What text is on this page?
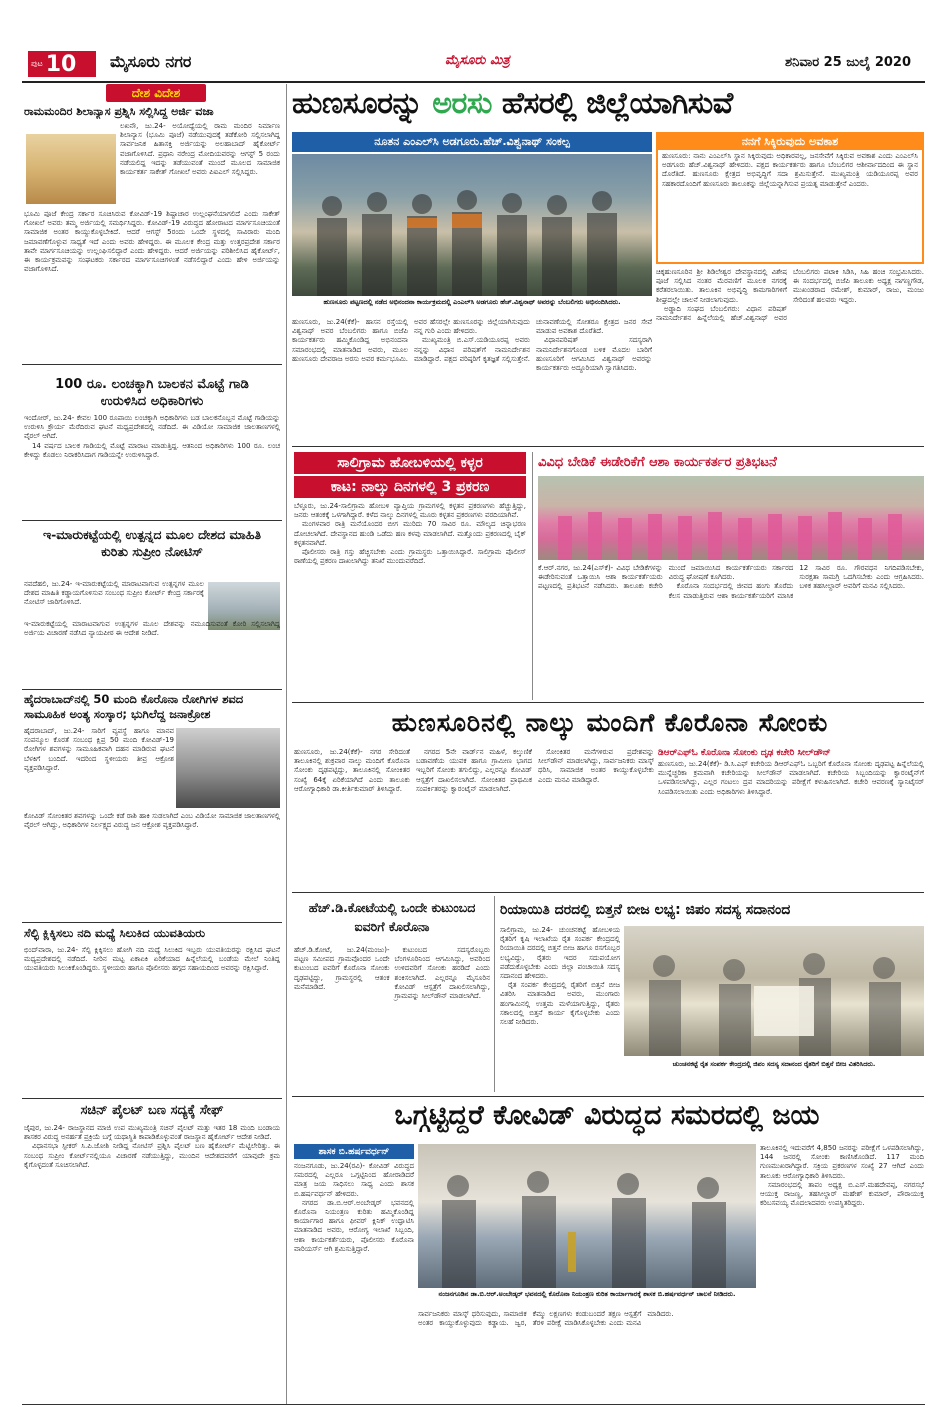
ಪುಟ 10 ಮೈಸೂರು ನಗರ	ಮೈಸೂರು ಮಿತ್ರ	ಶನಿವಾರ 25 ಜುಲೈ 2020
ದೇಶ ವಿದೇಶ
ರಾಮಮಂದಿರ ಶಿಲಾನ್ಯಾಸ ಪ್ರಶ್ನಿಸಿ ಸಲ್ಲಿಸಿದ್ದ ಅರ್ಜಿ ವಜಾ

ಲಖನೌ, ಜು.24- ಅಯೋಧ್ಯೆಯಲ್ಲಿ ರಾಮ ಮಂದಿರ ನಿರ್ಮಾಣ ಶಿಲಾನ್ಯಾಸ (ಭೂಮಿ ಪೂಜೆ) ನಡೆಯುವುದಕ್ಕೆ ತಡೆಕೋರಿ ಸಲ್ಲಿಸಲಾಗಿದ್ದ ಸಾರ್ವಜನಿಕ ಹಿತಾಸಕ್ತಿ ಅರ್ಜಿಯನ್ನು ಅಲಹಾಬಾದ್ ಹೈಕೋರ್ಟ್ ವಜಾಗೊಳಿಸಿದೆ. ಪ್ರಧಾನಿ ನರೇಂದ್ರ ಮೋದಿಯವರನ್ನು ಆಗಸ್ಟ್ 5 ರಂದು ನಡೆಯಲಿದ್ದ ಇದನ್ನು ತಡೆಯುವಂತೆ ಮುಂದೆ ಮೂಲದ ಸಾಮಾಜಿಕ ಕಾರ್ಯಕರ್ತ ಸಾಕೇತ್ ಗೋಖಲೆ ಅವರು ಪಿಐಎಲ್ ಸಲ್ಲಿಸಿದ್ದರು.

ಭೂಮಿ ಪೂಜೆ ಕೇಂದ್ರ ಸರ್ಕಾರ ಸೂಚಿಸಿರುವ ಕೋವಿಡ್-19 ಶಿಷ್ಟಾಚಾರ ಉಲ್ಲಂಘನೆಯಾಗಲಿದೆ ಎಂದು ಸಾಕೇತ್ ಗೋಖಲೆ ಅವರು ತಮ್ಮ ಅರ್ಜಿಯಲ್ಲಿ ಸಮರ್ಥಿಸಿದ್ದರು. ಕೋವಿಡ್-19 ವಿರುದ್ಧದ ಹೋರಾಟದ ಮಾರ್ಗಸೂಚಿಯಂತೆ ಸಾಮಾಜಿಕ ಅಂತರ ಕಾಯ್ದುಕೊಳ್ಳಬೇಕಿದೆ. ಆದರೆ ಆಗಸ್ಟ್ 5ರಂದು ಒಂದೇ ಸ್ಥಳದಲ್ಲಿ ಸಾವಿರಾರು ಮಂದಿ ಜಮಾವಣೆಗೊಳ್ಳುವ ಸಾಧ್ಯತೆ ಇದೆ ಎಂದು ಅವರು ಹೇಳಿದ್ದರು. ಈ ಮೂಲಕ ಕೇಂದ್ರ ಮತ್ತು ಉತ್ತರಪ್ರದೇಶ ಸರ್ಕಾರ ತಾವೇ ಮಾರ್ಗಸೂಚಿಯನ್ನು ಉಲ್ಲಂಘಿಸಲಿದ್ದಾರೆ ಎಂದು ಹೇಳಿದ್ದರು. ಆದರೆ ಅರ್ಜಿಯನ್ನು ಪರಿಶೀಲಿಸಿದ ಹೈಕೋರ್ಟ್, ಈ ಕಾರ್ಯಕ್ರಮವನ್ನು ಸಂಘಟಕರು ಸರ್ಕಾರದ ಮಾರ್ಗಸೂಚಿಗಳಂತೆ ನಡೆಸಲಿದ್ದಾರೆ ಎಂದು ಹೇಳಿ ಅರ್ಜಿಯನ್ನು ವಜಾಗೊಳಿಸಿದೆ.

100 ರೂ. ಲಂಚಕ್ಕಾಗಿ ಬಾಲಕನ ಮೊಟ್ಟೆ ಗಾಡಿ ಉರುಳಿಸಿದ ಅಧಿಕಾರಿಗಳು

ಇಂದೋರ್, ಜು.24- ಕೇವಲ 100 ರೂಪಾಯಿ ಲಂಚಕ್ಕಾಗಿ ಅಧಿಕಾರಿಗಳು ಬಡ ಬಾಲಕನೊಬ್ಬನ ಮೊಟ್ಟೆ ಗಾಡಿಯನ್ನು ಉರುಳಿಸಿ ಕ್ರೌರ್ಯ ಮೆರೆದಿರುವ ಘಟನೆ ಮಧ್ಯಪ್ರದೇಶದಲ್ಲಿ ನಡೆದಿದೆ. ಈ ವಿಡಿಯೋ ಸಾಮಾಜಿಕ ಜಾಲತಾಣಗಳಲ್ಲಿ ವೈರಲ್ ಆಗಿದೆ.

14 ವರ್ಷದ ಬಾಲಕ ಗಾಡಿಯಲ್ಲಿ ಮೊಟ್ಟೆ ಮಾರಾಟ ಮಾಡುತ್ತಿದ್ದ. ಆತನಿಂದ ಅಧಿಕಾರಿಗಳು 100 ರೂ. ಲಂಚ ಕೇಳಿದ್ದು ಕೊಡಲು ನಿರಾಕರಿಸಿದಾಗ ಗಾಡಿಯನ್ನೇ ಉರುಳಿಸಿದ್ದಾರೆ.

ಇ-ಮಾರುಕಟ್ಟೆಯಲ್ಲಿ ಉತ್ಪನ್ನದ ಮೂಲ ದೇಶದ ಮಾಹಿತಿ ಕುರಿತು ಸುಪ್ರೀಂ ನೋಟಿಸ್

ನವದೆಹಲಿ, ಜು.24- ಇ-ಮಾರುಕಟ್ಟೆಯಲ್ಲಿ ಮಾರಾಟವಾಗುವ ಉತ್ಪನ್ನಗಳ ಮೂಲ ದೇಶದ ಮಾಹಿತಿ ಕಡ್ಡಾಯಗೊಳಿಸುವ ಸಂಬಂಧ ಸುಪ್ರೀಂ ಕೋರ್ಟ್ ಕೇಂದ್ರ ಸರ್ಕಾರಕ್ಕೆ ನೋಟಿಸ್ ಜಾರಿಗೊಳಿಸಿದೆ.

ಇ-ಮಾರುಕಟ್ಟೆಯಲ್ಲಿ ಮಾರಾಟವಾಗುವ ಉತ್ಪನ್ನಗಳ ಮೂಲ ದೇಶವನ್ನು ನಮೂದಿಸುವಂತೆ ಕೋರಿ ಸಲ್ಲಿಸಲಾಗಿದ್ದ ಅರ್ಜಿಯ ವಿಚಾರಣೆ ನಡೆಸಿದ ನ್ಯಾಯಪೀಠ ಈ ಆದೇಶ ನೀಡಿದೆ.

ಹೈದರಾಬಾದ್‌ನಲ್ಲಿ 50 ಮಂದಿ ಕೊರೊನಾ ರೋಗಿಗಳ ಶವದ ಸಾಮೂಹಿಕ ಅಂತ್ಯ ಸಂಸ್ಕಾರ; ಭುಗಿಲೆದ್ದ ಜನಾಕ್ರೋಶ

ಹೈದರಾಬಾದ್, ಜು.24- ಸಾರಿಗೆ ವ್ಯವಸ್ಥೆ ಹಾಗೂ ಮಾನವ ಸಂಪನ್ಮೂಲ ಕೊರತೆ ಸಂಬಂಧ ಕ್ಷಿಪ್ರ 50 ಮಂದಿ ಕೋವಿಡ್-19 ರೋಗಿಗಳ ಶವಗಳನ್ನು ಸಾಮೂಹಿಕವಾಗಿ ದಹನ ಮಾಡಿರುವ ಘಟನೆ ಬೆಳಕಿಗೆ ಬಂದಿದೆ. ಇದರಿಂದ ಸ್ಥಳೀಯರು ತೀವ್ರ ಆಕ್ರೋಶ ವ್ಯಕ್ತಪಡಿಸಿದ್ದಾರೆ.

ಕೋವಿಡ್ ಸೋಂಕಿತರ ಶವಗಳನ್ನು ಒಂದೇ ಕಡೆ ರಾಶಿ ಹಾಕಿ ಸುಡಲಾಗಿದೆ ಎಂಬ ವಿಡಿಯೋ ಸಾಮಾಜಿಕ ಜಾಲತಾಣಗಳಲ್ಲಿ ವೈರಲ್ ಆಗಿದ್ದು, ಅಧಿಕಾರಿಗಳ ನಿರ್ಲಕ್ಷ್ಯದ ವಿರುದ್ಧ ಜನ ಆಕ್ರೋಶ ವ್ಯಕ್ತಪಡಿಸಿದ್ದಾರೆ.

ಸೆಲ್ಫಿ ಕ್ಲಿಕ್ಕಿಸಲು ನದಿ ಮಧ್ಯೆ ಸಿಲುಕಿದ ಯುವತಿಯರು

ಛಿಂದ್‌ವಾರಾ, ಜು.24- ಸೆಲ್ಫಿ ಕ್ಲಿಕ್ಕಿಸಲು ಹೋಗಿ ನದಿ ಮಧ್ಯೆ ಸಿಲುಕಿದ ಇಬ್ಬರು ಯುವತಿಯರನ್ನು ರಕ್ಷಿಸಿದ ಘಟನೆ ಮಧ್ಯಪ್ರದೇಶದಲ್ಲಿ ನಡೆದಿದೆ. ನೀರಿನ ಮಟ್ಟ ಏಕಾಏಕಿ ಏರಿಕೆಯಾದ ಹಿನ್ನೆಲೆಯಲ್ಲಿ ಬಂಡೆಯ ಮೇಲೆ ನಿಂತಿದ್ದ ಯುವತಿಯರು ಸಿಲುಕಿಕೊಂಡಿದ್ದರು. ಸ್ಥಳೀಯರು ಹಾಗೂ ಪೊಲೀಸರು ಹಗ್ಗದ ಸಹಾಯದಿಂದ ಅವರನ್ನು ರಕ್ಷಿಸಿದ್ದಾರೆ.

ಸಚಿನ್ ಪೈಲಟ್ ಬಣ ಸದ್ಯಕ್ಕೆ ಸೇಫ್

ಜೈಪುರ, ಜು.24- ರಾಜಸ್ಥಾನದ ಮಾಜಿ ಉಪ ಮುಖ್ಯಮಂತ್ರಿ ಸಚಿನ್ ಪೈಲಟ್ ಮತ್ತು ಇತರ 18 ಮಂದಿ ಬಂಡಾಯ ಶಾಸಕರ ವಿರುದ್ಧ ಅನರ್ಹತೆ ಪ್ರಕ್ರಿಯೆ ಬಗ್ಗೆ ಯಥಾಸ್ಥಿತಿ ಕಾಪಾಡಿಕೊಳ್ಳುವಂತೆ ರಾಜಸ್ಥಾನ ಹೈಕೋರ್ಟ್ ಆದೇಶ ನೀಡಿದೆ.

ವಿಧಾನಸಭಾ ಸ್ಪೀಕರ್ ಸಿ.ಪಿ.ಜೋಶಿ ನೀಡಿದ್ದ ನೋಟಿಸ್ ಪ್ರಶ್ನಿಸಿ ಪೈಲಟ್ ಬಣ ಹೈಕೋರ್ಟ್ ಮೆಟ್ಟಿಲೇರಿತ್ತು. ಈ ಸಂಬಂಧ ಸುಪ್ರೀಂ ಕೋರ್ಟ್‌ನಲ್ಲಿಯೂ ವಿಚಾರಣೆ ನಡೆಯುತ್ತಿದ್ದು, ಮುಂದಿನ ಆದೇಶದವರೆಗೆ ಯಾವುದೇ ಕ್ರಮ ಕೈಗೊಳ್ಳದಂತೆ ಸೂಚಿಸಲಾಗಿದೆ.

ಹುಣಸೂರನ್ನು ಅರಸು ಹೆಸರಲ್ಲಿ ಜಿಲ್ಲೆಯಾಗಿಸುವೆ
ನೂತನ ಎಂಎಲ್‌ಸಿ ಅಡಗೂರು.ಹೆಚ್.ವಿಶ್ವನಾಥ್ ಸಂಕಲ್ಪ
ಹುಣಸೂರು ಪಟ್ಟಣದಲ್ಲಿ ನಡೆದ ಅಭಿನಂದನಾ ಕಾರ್ಯಕ್ರಮದಲ್ಲಿ ಎಂಎಲ್‌ಸಿ ಅಡಗೂರು ಹೆಚ್.ವಿಶ್ವನಾಥ್ ಅವರನ್ನು ಬೆಂಬಲಿಗರು ಅಭಿನಂದಿಸಿದರು.
ನನಗೆ ಸಿಕ್ಕಿರುವುದು ಅವಕಾಶ
ಹುಣಸೂರು: ನಾನು ಎಂಎಲ್‌ಸಿ ಸ್ಥಾನ ಸಿಕ್ಕಿರುವುದು ಅಧಿಕಾರವಲ್ಲ, ಜನಸೇವೆಗೆ ಸಿಕ್ಕಿರುವ ಅವಕಾಶ ಎಂದು ಎಂಎಲ್‌ಸಿ ಅಡಗೂರು ಹೆಚ್.ವಿಶ್ವನಾಥ್ ಹೇಳಿದರು. ಪಕ್ಷದ ಕಾರ್ಯಕರ್ತರು ಹಾಗೂ ಬೆಂಬಲಿಗರ ಆಶೀರ್ವಾದದಿಂದ ಈ ಸ್ಥಾನ ದೊರೆತಿದೆ. ಹುಣಸೂರು ಕ್ಷೇತ್ರದ ಅಭಿವೃದ್ಧಿಗೆ ಸದಾ ಶ್ರಮಿಸುತ್ತೇನೆ. ಮುಖ್ಯಮಂತ್ರಿ ಯಡಿಯೂರಪ್ಪ ಅವರ ಸಹಕಾರದೊಂದಿಗೆ ಹುಣಸೂರು ತಾಲೂಕನ್ನು ಜಿಲ್ಲೆಯನ್ನಾಗಿಸುವ ಪ್ರಯತ್ನ ಮಾಡುತ್ತೇನೆ ಎಂದರು.

ಹುಣಸೂರು, ಜು.24(ಕೆಕೆ)- ಹಾಸನ ರಸ್ತೆಯಲ್ಲಿ ವಿಶ್ವನಾಥ್ ಅವರ ಬೆಂಬಲಿಗರು ಹಾಗೂ ಬಿಜೆಪಿ ಕಾರ್ಯಕರ್ತರು ಹಮ್ಮಿಕೊಂಡಿದ್ದ ಅಭಿನಂದನಾ ಸಮಾರಂಭದಲ್ಲಿ ಮಾತನಾಡಿದ ಅವರು, ಮೂಲ ಹುಣಸೂರು ದೇವರಾಜ ಅರಸು ಅವರ ಕರ್ಮಭೂಮಿ. ಅವರ ಹೆಸರಲ್ಲೇ ಹುಣಸೂರನ್ನು ಜಿಲ್ಲೆಯಾಗಿಸುವುದು ನನ್ನ ಗುರಿ ಎಂದು ಹೇಳಿದರು.

ಮುಖ್ಯಮಂತ್ರಿ ಬಿ.ಎಸ್.ಯಡಿಯೂರಪ್ಪ ಅವರು ನನ್ನನ್ನು ವಿಧಾನ ಪರಿಷತ್‌ಗೆ ನಾಮನಿರ್ದೇಶನ ಮಾಡಿದ್ದಾರೆ. ಪಕ್ಷದ ವರಿಷ್ಠರಿಗೆ ಕೃತಜ್ಞತೆ ಸಲ್ಲಿಸುತ್ತೇನೆ. ಚುನಾವಣೆಯಲ್ಲಿ ಸೋತರೂ ಕ್ಷೇತ್ರದ ಜನರ ಸೇವೆ ಮಾಡುವ ಅವಕಾಶ ದೊರೆತಿದೆ.

ವಿಧಾನಪರಿಷತ್ ಸದಸ್ಯರಾಗಿ ನಾಮನಿರ್ದೇಶನಗೊಂಡ ಬಳಿಕ ಮೊದಲ ಬಾರಿಗೆ ಹುಣಸೂರಿಗೆ ಆಗಮಿಸಿದ ವಿಶ್ವನಾಥ್ ಅವರನ್ನು ಕಾರ್ಯಕರ್ತರು ಅದ್ಧೂರಿಯಾಗಿ ಸ್ವಾಗತಿಸಿದರು.

ಚಿಕ್ಕಹುಣಸೂರಿನ ಶ್ರೀ ಶಿಡಿಲೇಶ್ವರ ದೇವಸ್ಥಾನದಲ್ಲಿ ವಿಶೇಷ ಪೂಜೆ ಸಲ್ಲಿಸಿದ ನಂತರ ಮೆರವಣಿಗೆ ಮೂಲಕ ನಗರಕ್ಕೆ ಕರೆತರಲಾಯಿತು. ತಾಲೂಕಿನ ಅಭಿವೃದ್ಧಿ ಕಾಮಗಾರಿಗಳಿಗೆ ಶೀಘ್ರದಲ್ಲೇ ಚಾಲನೆ ನೀಡಲಾಗುವುದು.

ಅಡ್ಡಾದಿ ಸಂಘದ ಬೆಂಬಲಿಗರು: ವಿಧಾನ ಪರಿಷತ್ ನಾಮನಿರ್ದೇಶನ ಹಿನ್ನೆಲೆಯಲ್ಲಿ ಹೆಚ್.ವಿಶ್ವನಾಥ್ ಅವರ ಬೆಂಬಲಿಗರು ಪಟಾಕಿ ಸಿಡಿಸಿ, ಸಿಹಿ ಹಂಚಿ ಸಂಭ್ರಮಿಸಿದರು. ಈ ಸಂದರ್ಭದಲ್ಲಿ ಬಿಜೆಪಿ ತಾಲೂಕು ಅಧ್ಯಕ್ಷ ನಾಗಣ್ಣಗೌಡ, ಮುಖಂಡರಾದ ರಮೇಶ್, ಕುಮಾರ್, ರಾಜು, ಮಂಜು ಸೇರಿದಂತೆ ಹಲವರು ಇದ್ದರು.

ಸಾಲಿಗ್ರಾಮ ಹೋಬಳಿಯಲ್ಲಿ ಕಳ್ಳರ
ಕಾಟ: ನಾಲ್ಕು ದಿನಗಳಲ್ಲಿ 3 ಪ್ರಕರಣ

ಬೆಳ್ಳೂರು, ಜು.24-ಸಾಲಿಗ್ರಾಮ ಹೋಬಳಿ ವ್ಯಾಪ್ತಿಯ ಗ್ರಾಮಗಳಲ್ಲಿ ಕಳ್ಳತನ ಪ್ರಕರಣಗಳು ಹೆಚ್ಚುತ್ತಿದ್ದು, ಜನರು ಆತಂಕಕ್ಕೆ ಒಳಗಾಗಿದ್ದಾರೆ. ಕಳೆದ ನಾಲ್ಕು ದಿನಗಳಲ್ಲಿ ಮೂರು ಕಳ್ಳತನ ಪ್ರಕರಣಗಳು ವರದಿಯಾಗಿವೆ.

ಮಂಗಳವಾರ ರಾತ್ರಿ ಮನೆಯೊಂದರ ಬೀಗ ಮುರಿದು 70 ಸಾವಿರ ರೂ. ಮೌಲ್ಯದ ಚಿನ್ನಾಭರಣ ದೋಚಲಾಗಿದೆ. ದೇವಸ್ಥಾನದ ಹುಂಡಿ ಒಡೆದು ಹಣ ಕಳವು ಮಾಡಲಾಗಿದೆ. ಮತ್ತೊಂದು ಪ್ರಕರಣದಲ್ಲಿ ಬೈಕ್ ಕಳ್ಳತನವಾಗಿದೆ.

ಪೊಲೀಸರು ರಾತ್ರಿ ಗಸ್ತು ಹೆಚ್ಚಿಸಬೇಕು ಎಂದು ಗ್ರಾಮಸ್ಥರು ಒತ್ತಾಯಿಸಿದ್ದಾರೆ. ಸಾಲಿಗ್ರಾಮ ಪೊಲೀಸ್ ಠಾಣೆಯಲ್ಲಿ ಪ್ರಕರಣ ದಾಖಲಾಗಿದ್ದು ತನಿಖೆ ಮುಂದುವರೆದಿದೆ.

ವಿವಿಧ ಬೇಡಿಕೆ ಈಡೇರಿಕೆಗೆ ಆಶಾ ಕಾರ್ಯಕರ್ತರ ಪ್ರತಿಭಟನೆ

ಕೆ.ಆರ್.ನಗರ, ಜು.24(ಎಸ್‌ಕೆ)- ವಿವಿಧ ಬೇಡಿಕೆಗಳನ್ನು ಈಡೇರಿಸುವಂತೆ ಒತ್ತಾಯಿಸಿ ಆಶಾ ಕಾರ್ಯಕರ್ತೆಯರು ಪಟ್ಟಣದಲ್ಲಿ ಪ್ರತಿಭಟನೆ ನಡೆಸಿದರು. ತಾಲೂಕು ಕಚೇರಿ ಮುಂದೆ ಜಮಾಯಿಸಿದ ಕಾರ್ಯಕರ್ತೆಯರು ಸರ್ಕಾರದ ವಿರುದ್ಧ ಘೋಷಣೆ ಕೂಗಿದರು.

ಕೊರೊನಾ ಸಂದರ್ಭದಲ್ಲಿ ಜೀವದ ಹಂಗು ತೊರೆದು ಕೆಲಸ ಮಾಡುತ್ತಿರುವ ಆಶಾ ಕಾರ್ಯಕರ್ತೆಯರಿಗೆ ಮಾಸಿಕ 12 ಸಾವಿರ ರೂ. ಗೌರವಧನ ನಿಗದಿಪಡಿಸಬೇಕು, ಸುರಕ್ಷತಾ ಸಾಮಗ್ರಿ ಒದಗಿಸಬೇಕು ಎಂದು ಆಗ್ರಹಿಸಿದರು. ಬಳಿಕ ತಹಸೀಲ್ದಾರ್ ಅವರಿಗೆ ಮನವಿ ಸಲ್ಲಿಸಿದರು.

ಹುಣಸೂರಿನಲ್ಲಿ ನಾಲ್ಕು ಮಂದಿಗೆ ಕೊರೊನಾ ಸೋಂಕು

ಹುಣಸೂರು, ಜು.24(ಕೆಕೆ)- ನಗರ ಸೇರಿದಂತೆ ತಾಲೂಕಿನಲ್ಲಿ ಶುಕ್ರವಾರ ನಾಲ್ಕು ಮಂದಿಗೆ ಕೊರೊನಾ ಸೋಂಕು ದೃಢಪಟ್ಟಿದ್ದು, ತಾಲೂಕಿನಲ್ಲಿ ಸೋಂಕಿತರ ಸಂಖ್ಯೆ 64ಕ್ಕೆ ಏರಿಕೆಯಾಗಿದೆ ಎಂದು ತಾಲೂಕು ಆರೋಗ್ಯಾಧಿಕಾರಿ ಡಾ.ಕೀರ್ತಿಕುಮಾರ್ ತಿಳಿಸಿದ್ದಾರೆ.

ನಗರದ 5ನೇ ವಾರ್ಡ್‌ನ ಮಹಿಳೆ, ಕಲ್ಕುಣಿಕೆ ಬಡಾವಣೆಯ ಯುವಕ ಹಾಗೂ ಗ್ರಾಮೀಣ ಭಾಗದ ಇಬ್ಬರಿಗೆ ಸೋಂಕು ತಗುಲಿದ್ದು, ಎಲ್ಲರನ್ನೂ ಕೋವಿಡ್ ಆಸ್ಪತ್ರೆಗೆ ದಾಖಲಿಸಲಾಗಿದೆ. ಸೋಂಕಿತರ ಪ್ರಾಥಮಿಕ ಸಂಪರ್ಕಿತರನ್ನು ಕ್ವಾರಂಟೈನ್ ಮಾಡಲಾಗಿದೆ.

ಸೋಂಕಿತರ ಮನೆಗಳಿರುವ ಪ್ರದೇಶವನ್ನು ಸೀಲ್‌ಡೌನ್ ಮಾಡಲಾಗಿದ್ದು, ಸಾರ್ವಜನಿಕರು ಮಾಸ್ಕ್ ಧರಿಸಿ, ಸಾಮಾಜಿಕ ಅಂತರ ಕಾಯ್ದುಕೊಳ್ಳಬೇಕು ಎಂದು ಮನವಿ ಮಾಡಿದ್ದಾರೆ.

ಡಿಆರ್‌ಎಫ್‌ಓ ಕೊರೊನಾ ಸೋಂಕು ದೃಢ ಕಚೇರಿ ಸೀಲ್‌ಡೌನ್
ಹುಣಸೂರು, ಜು.24(ಕೆಕೆ)- ಡಿ.ಸಿ.ಎಫ್ ಕಚೇರಿಯ ಡಿಆರ್‌ಎಫ್‌ಓ ಒಬ್ಬರಿಗೆ ಕೊರೊನಾ ಸೋಂಕು ದೃಢಪಟ್ಟ ಹಿನ್ನೆಲೆಯಲ್ಲಿ ಮುನ್ನೆಚ್ಚರಿಕಾ ಕ್ರಮವಾಗಿ ಕಚೇರಿಯನ್ನು ಸೀಲ್‌ಡೌನ್ ಮಾಡಲಾಗಿದೆ. ಕಚೇರಿಯ ಸಿಬ್ಬಂದಿಯನ್ನು ಕ್ವಾರಂಟೈನ್‌ಗೆ ಒಳಪಡಿಸಲಾಗಿದ್ದು, ಎಲ್ಲರ ಗಂಟಲು ದ್ರವ ಮಾದರಿಯನ್ನು ಪರೀಕ್ಷೆಗೆ ಕಳುಹಿಸಲಾಗಿದೆ. ಕಚೇರಿ ಆವರಣಕ್ಕೆ ಸ್ಯಾನಿಟೈಸರ್ ಸಿಂಪಡಿಸಲಾಯಿತು ಎಂದು ಅಧಿಕಾರಿಗಳು ತಿಳಿಸಿದ್ದಾರೆ.
ಹೆಚ್.ಡಿ.ಕೋಟೆಯಲ್ಲಿ ಒಂದೇ ಕುಟುಂಬದ ಐವರಿಗೆ ಕೊರೊನಾ

ಹೆಚ್.ಡಿ.ಕೋಟೆ, ಜು.24(ಮಂಜು)- ಪಟ್ಟಣ ಸಮೀಪದ ಗ್ರಾಮವೊಂದರ ಒಂದೇ ಕುಟುಂಬದ ಐವರಿಗೆ ಕೊರೊನಾ ಸೋಂಕು ದೃಢಪಟ್ಟಿದ್ದು, ಗ್ರಾಮಸ್ಥರಲ್ಲಿ ಆತಂಕ ಮನೆಮಾಡಿದೆ.

ಕುಟುಂಬದ ಸದಸ್ಯರೊಬ್ಬರು ಬೆಂಗಳೂರಿನಿಂದ ಆಗಮಿಸಿದ್ದು, ಅವರಿಂದ ಉಳಿದವರಿಗೆ ಸೋಂಕು ಹರಡಿದೆ ಎಂದು ಶಂಕಿಸಲಾಗಿದೆ. ಎಲ್ಲರನ್ನೂ ಮೈಸೂರಿನ ಕೋವಿಡ್ ಆಸ್ಪತ್ರೆಗೆ ದಾಖಲಿಸಲಾಗಿದ್ದು, ಗ್ರಾಮವನ್ನು ಸೀಲ್‌ಡೌನ್ ಮಾಡಲಾಗಿದೆ.

ರಿಯಾಯಿತಿ ದರದಲ್ಲಿ ಬಿತ್ತನೆ ಬೀಜ ಲಭ್ಯ: ಜಿಪಂ ಸದಸ್ಯ ಸದಾನಂದ

ಸಾಲಿಗ್ರಾಮ, ಜು.24- ಚುಂಚನಕಟ್ಟೆ ಹೋಬಳಿಯ ರೈತರಿಗೆ ಕೃಷಿ ಇಲಾಖೆಯ ರೈತ ಸಂಪರ್ಕ ಕೇಂದ್ರದಲ್ಲಿ ರಿಯಾಯಿತಿ ದರದಲ್ಲಿ ಬಿತ್ತನೆ ಬೀಜ ಹಾಗೂ ರಸಗೊಬ್ಬರ ಲಭ್ಯವಿದ್ದು, ರೈತರು ಇದರ ಸದುಪಯೋಗ ಪಡೆದುಕೊಳ್ಳಬೇಕು ಎಂದು ಜಿಲ್ಲಾ ಪಂಚಾಯಿತಿ ಸದಸ್ಯ ಸದಾನಂದ ಹೇಳಿದರು.

ರೈತ ಸಂಪರ್ಕ ಕೇಂದ್ರದಲ್ಲಿ ರೈತರಿಗೆ ಬಿತ್ತನೆ ಬೀಜ ವಿತರಿಸಿ ಮಾತನಾಡಿದ ಅವರು, ಮುಂಗಾರು ಹಂಗಾಮಿನಲ್ಲಿ ಉತ್ತಮ ಮಳೆಯಾಗುತ್ತಿದ್ದು, ರೈತರು ಸಕಾಲದಲ್ಲಿ ಬಿತ್ತನೆ ಕಾರ್ಯ ಕೈಗೊಳ್ಳಬೇಕು ಎಂದು ಸಲಹೆ ನೀಡಿದರು.

ಚುಂಚನಕಟ್ಟೆ ರೈತ ಸಂಪರ್ಕ ಕೇಂದ್ರದಲ್ಲಿ ಜಿಪಂ ಸದಸ್ಯ ಸದಾನಂದ ರೈತರಿಗೆ ಬಿತ್ತನೆ ಬೀಜ ವಿತರಿಸಿದರು.
ಒಗ್ಗಟ್ಟಿದ್ದರೆ ಕೋವಿಡ್ ವಿರುದ್ಧದ ಸಮರದಲ್ಲಿ ಜಯ
ಶಾಸಕ ಬಿ.ಹರ್ಷವರ್ಧನ್

ನಂಜನಗೂಡು, ಜು.24(ರವಿ)- ಕೋವಿಡ್ ವಿರುದ್ಧದ ಸಮರದಲ್ಲಿ ಎಲ್ಲರೂ ಒಗ್ಗಟ್ಟಿನಿಂದ ಹೋರಾಡಿದರೆ ಮಾತ್ರ ಜಯ ಸಾಧಿಸಲು ಸಾಧ್ಯ ಎಂದು ಶಾಸಕ ಬಿ.ಹರ್ಷವರ್ಧನ್ ಹೇಳಿದರು.

ನಗರದ ಡಾ.ಬಿ.ಆರ್.ಅಂಬೇಡ್ಕರ್ ಭವನದಲ್ಲಿ ಕೊರೊನಾ ನಿಯಂತ್ರಣ ಕುರಿತು ಹಮ್ಮಿಕೊಂಡಿದ್ದ ಕಾರ್ಯಾಗಾರ ಹಾಗೂ ಫೀವರ್ ಕ್ಲಿನಿಕ್ ಉದ್ಘಾಟಿಸಿ ಮಾತನಾಡಿದ ಅವರು, ಆರೋಗ್ಯ ಇಲಾಖೆ ಸಿಬ್ಬಂದಿ, ಆಶಾ ಕಾರ್ಯಕರ್ತೆಯರು, ಪೊಲೀಸರು ಕೊರೊನಾ ವಾರಿಯರ್ಸ್ ಆಗಿ ಶ್ರಮಿಸುತ್ತಿದ್ದಾರೆ.

ನಂಜನಗೂಡಿನ ಡಾ.ಬಿ.ಆರ್.ಅಂಬೇಡ್ಕರ್ ಭವನದಲ್ಲಿ ಕೊರೊನಾ ನಿಯಂತ್ರಣ ಕುರಿತ ಕಾರ್ಯಾಗಾರಕ್ಕೆ ಶಾಸಕ ಬಿ.ಹರ್ಷವರ್ಧನ್ ಚಾಲನೆ ನೀಡಿದರು.

ಸಾರ್ವಜನಿಕರು ಮಾಸ್ಕ್ ಧರಿಸುವುದು, ಸಾಮಾಜಿಕ ಅಂತರ ಕಾಯ್ದುಕೊಳ್ಳುವುದು ಕಡ್ಡಾಯ. ಜ್ವರ, ಕೆಮ್ಮು ಲಕ್ಷಣಗಳು ಕಂಡುಬಂದರೆ ತಕ್ಷಣ ಆಸ್ಪತ್ರೆಗೆ ತೆರಳಿ ಪರೀಕ್ಷೆ ಮಾಡಿಸಿಕೊಳ್ಳಬೇಕು ಎಂದು ಮನವಿ ಮಾಡಿದರು.

ತಾಲೂಕಿನಲ್ಲಿ ಇದುವರೆಗೆ 4,850 ಜನರನ್ನು ಪರೀಕ್ಷೆಗೆ ಒಳಪಡಿಸಲಾಗಿದ್ದು, 144 ಜನರಲ್ಲಿ ಸೋಂಕು ಕಾಣಿಸಿಕೊಂಡಿದೆ. 117 ಮಂದಿ ಗುಣಮುಖರಾಗಿದ್ದಾರೆ. ಸಕ್ರಿಯ ಪ್ರಕರಣಗಳ ಸಂಖ್ಯೆ 27 ಆಗಿದೆ ಎಂದು ತಾಲೂಕು ಆರೋಗ್ಯಾಧಿಕಾರಿ ತಿಳಿಸಿದರು.

ಸಮಾರಂಭದಲ್ಲಿ ತಾಪಂ ಅಧ್ಯಕ್ಷ ಬಿ.ಎಸ್.ಮಹದೇವಪ್ಪ, ನಗರಸಭೆ ಆಯುಕ್ತ ರಾಜಣ್ಣ, ತಹಸೀಲ್ದಾರ್ ಮಹೇಶ್ ಕುಮಾರ್, ಪೌರಾಯುಕ್ತ ಕರಿಬಸವಯ್ಯ ಮೊದಲಾದವರು ಉಪಸ್ಥಿತರಿದ್ದರು.
